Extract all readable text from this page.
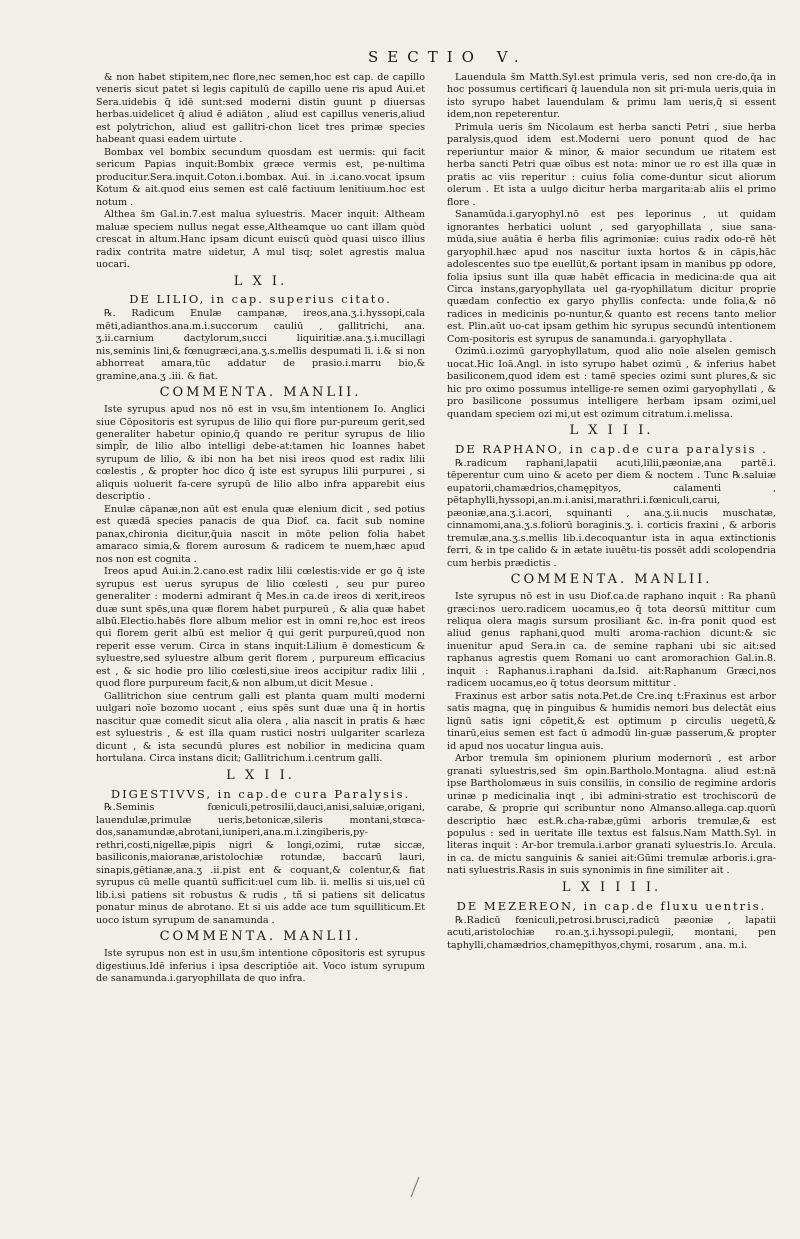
SECTIO V.

& non habet stipitem,nec flore,nec semen,hoc est cap. de capillo veneris sicut patet si legis capitulū de capillo uene ris apud Aui.et Sera.uidebis q̄ idē sunt:sed moderni distin guunt p diuersas herbas.uidelicet q̄ aliud ē adiāton , aliud est capillus veneris,aliud est polytrichon, aliud est gallitri-chon licet tres primæ species habeant quasi eadem uirtute .

Bombax vel bombix secundum quosdam est uermis: qui facit sericum Papias inquit:Bombix græce vermis est, pe-nultima producitur.Sera.inquit.Coton.i.bombax. Aui. in .i.cano.vocat ipsum Kotum & ait.quod eius semen est calē factiuum lenitiuum.hoc est notum .

Althea s̄m Gal.in.7.est malua syluestris. Macer inquit: Altheam maluæ speciem nullus negat esse,Altheamque uo cant illam quòd crescat in altum.Hanc ipsam dicunt euiscū quòd quasi uisco illius radix contrita matre uidetur, A mul tisq; solet agrestis malua uocari.

L X I.

DE LILIO, in cap. superius citato.

℞. Radicum Enulæ campanæ, ireos,ana.ʒ.i.hyssopi,cala mēti,adianthos.ana.m.i.succorum cauliū , gallitrichi, ana. ʒ.ii.carnium dactylorum,succi liquiritiæ.ana.ʒ.i.mucillagi nis,seminis lini,& fœnugræci,ana.ʒ.s.mellis despumati li. i.& si non abhorreat amara,tūc addatur de prasio.i.marru bio,& gramine,ana.ʒ .iii. & fiat.

COMMENTA. MANLII.

Iste syrupus apud nos nō est in vsu,s̄m intentionem Io. Anglici siue Cōpositoris est syrupus de lilio qui flore pur-pureum gerit,sed generaliter habetur opinio,q̄ quando re peritur syrupus de lilio simpl̄r, de lilio albo intelligi debe-at:tamen hic Ioannes habet syrupum de lilio, & ibi non ha bet nisi ireos quod est radix lilii cœlestis , & propter hoc dico q̄ iste est syrupus lilii purpurei , si aliquis uoluerit fa-cere syrupū de lilio albo infra apparebit eius descriptio .

Enulæ cāpanæ,non aūt est enula quæ elenium dicit , sed potius est quædā species panacis de qua Diof. ca. facit sub nomine panax,chironia dicitur,q̄uia nascit in mōte pelion folia habet amaraco simia,& florem aurosum & radicem te nuem,hæc apud nos non est cognita .

Ireos apud Aui.in.2.cano.est radix lilii cœlestis:vide er go q̄ iste syrupus est uerus syrupus de lilio cœlesti , seu pur pureo generaliter : moderni admirant q̄ Mes.in ca.de ireos di xerit,ireos duæ sunt spēs,una quæ florem habet purpureū , & alia quæ habet albū.Electio.habēs flore album melior est in omni re,hoc est ireos qui florem gerit albū est melior q̄ qui gerit purpureū,quod non reperit esse verum. Circa in stans inquit:Lilium ē domesticum & syluestre,sed syluestre album gerit florem , purpureum efficacius est , & sic hodie pro lilio cœlesti,siue ireos accipitur radix lilii , quod flore purpureum facit,& non album,ut dicit Mesue .

Gallitrichon siue centrum galli est planta quam multi moderni uulgari noīe bozomo uocant , eius spēs sunt duæ una q̄ in hortis nascitur quæ comedit sicut alia olera , alia nascit in pratis & hæc est syluestris , & est illa quam rustici nostri uulgariter scarleza dicunt , & ista secundū plures est nobilior in medicina quam hortulana. Circa instans dicit; Gallitrichum.i.centrum galli.

L X I I.

DIGESTIVVS, in cap.de cura Paralysis.

℞.Seminis fœniculi,petrosilii,dauci,anisi,saluiæ,origani, lauendulæ,primulæ ueris,betonicæ,sileris montani,stœca-dos,sanamundæ,abrotani,iuniperi,ana.m.i.zingiberis,py-rethri,costi,nigellæ,pipis nigri & longi,ozimi, rutæ siccæ, basiliconis,maioranæ,aristolochiæ rotundæ, baccarū lauri, sinapis,gētianæ,ana.ʒ .ii.pist ent & coquant,& colentur,& fiat syrupus cū melle quantū sufficit:uel cum lib. ii. mellis si uis,uel cū lib.i.si patiens sit robustus & rudis , tñ si patiens sit delicatus ponatur minus de abrotano. Et si uis adde ace tum squilliticum.Et uoco istum syrupum de sanamunda .

COMMENTA. MANLII.

Iste syrupus non est in usu,s̄m intentione cōpositoris est syrupus digestiuus.Idē inferius i ipsa descriptiōe ait. Voco istum syrupum de sanamunda.i.garyophillata de quo infra.

Lauendula s̄m Matth.Syl.est primula veris, sed non cre-do,q̄a in hoc possumus certificari q̄ lauendula non sit pri-mula ueris,quia in isto syrupo habet lauendulam & primu lam ueris,q̄ si essent idem,non repeterentur.

Primula ueris s̄m Nicolaum est herba sancti Petri , siue herba paralysis,quod idem est.Moderni uero ponunt quod de hac reperiuntur maior & minor, & maior secundum ue ritatem est herba sancti Petri quæ oībus est nota: minor ue ro est illa quæ in pratis ac viis reperitur : cuius folia come-duntur sicut aliorum olerum . Et ista a uulgo dicitur herba margarita:ab aliis el primo flore .

Sanamūda.i.garyophyl.nō est pes leporinus , ut quidam ignorantes herbatici uolunt , sed garyophillata , siue sana-mūda,siue auātia ē herba filis agrimoniæ: cuius radix odo-rē hēt garyophil.hæc apud nos nascitur iuxta hortos & in cāpis,hāc adolescentes suo tpe euellūt,& portant ipsam in manibus pp odore, folia ipsius sunt illa quæ habēt efficacia in medicina:de qua ait Circa instans,garyophyllata uel ga-ryophillatum dicitur proprie quædam confectio ex garyo phyllis confecta: unde folia,& nō radices in medicinis po-nuntur,& quanto est recens tanto melior est. Plin.aūt uo-cat ipsam gethim hic syrupus secundū intentionem Com-positoris est syrupus de sanamunda.i. garyophyllata .

Ozimū.i.ozimū garyophyllatum, quod alio noīe alselen gemisch uocat.Hic Ioā.Angl. in isto syrupo habet ozimū , & inferius habet basiliconem,quod idem est : tamē species ozimi sunt plures,& sic hic pro oximo possumus intellige-re semen ozimi garyophyllati , & pro basilicone possumus intelligere herbam ipsam ozimi,uel quandam speciem ozi mi,ut est ozimum citratum.i.melissa.

L X I I I.

DE RAPHANO, in cap.de cura paralysis .

℞.radicum raphani,lapatii acuti,lilii,pæoniæ,ana partē.i. tēperentur cum uino & aceto per diem & noctem . Tunc ℞.saluiæ eupatorii,chamædrios,chamępityos, calamenti , pētaphylli,hyssopi,an.m.i.anisi,marathri.i.fœniculi,carui, pæoniæ,ana.ʒ.i.acori, squinanti , ana.ʒ.ii.nucis muschatæ, cinnamomi,ana.ʒ.s.foliorū boraginis.ʒ. i. corticis fraxini , & arboris tremulæ,ana.ʒ.s.mellis lib.i.decoquantur ista in aqua extinctionis ferri, & in tpe calido & in ætate iuuētu-tis possēt addi scolopendria cum herbis prædictis .

COMMENTA. MANLII.

Iste syrupus nō est in usu Diof.ca.de raphano inquit : Ra phanū græci:nos uero.radicem uocamus,eo q̄ tota deorsū mittitur cum reliqua olera magis sursum prosiliant &c. in-fra ponit quod est aliud genus raphani,quod multi aroma-rachion dicunt:& sic inuenitur apud Sera.in ca. de semine raphani ubi sic ait:sed raphanus agrestis quem Romani uo cant aromorachion Gal.in.8. inquit : Raphanus.i.raphani da.Isid. ait:Raphanum Græci,nos radicem uocamus,eo q̄ totus deorsum mittitur .

Fraxinus est arbor satis nota.Pet.de Cre.inq t:Fraxinus est arbor satis magna, quę in pinguibus & humidis nemori bus delectāt eius lignū satis igni cōpetit,& est optimum p circulis uegetū,& tinarū,eius semen est fact ū admodū lin-guæ passerum,& propter id apud nos uocatur lingua auis.

Arbor tremula s̄m opinionem plurium modernorū , est arbor granati syluestris,sed s̄m opin.Bartholo.Montagna. aliud est:nā ipse Bartholomæus in suis consiliis, in consilio de regimine ardoris urinæ p medicinalia inqt , ibi admini-stratio est trochiscorū de carabe, & proprie qui scribuntur nono Almanso.allega.cap.quorū descriptio hæc est.℞.cha-rabæ,gūmi arboris tremulæ,& est populus : sed in ueritate ille textus est falsus.Nam Matth.Syl. in literas inquit : Ar-bor tremula.i.arbor granati syluestris.Io. Arcula. in ca. de mictu sanguinis & saniei ait:Gūmi tremulæ arboris.i.gra-nati syluestris.Rasis in suis synonimis in fine similiter ait .

L X I I I I.

DE MEZEREON, in cap.de fluxu uentris.

℞.Radicū fœniculi,petrosi.brusci,radicū pæoniæ , lapatii acuti,aristolochiæ ro.an.ʒ.i.hyssopi.pulegii, montani, pen taphylli,chamædrios,chamępithyos,chymi, rosarum , ana. m.i.
